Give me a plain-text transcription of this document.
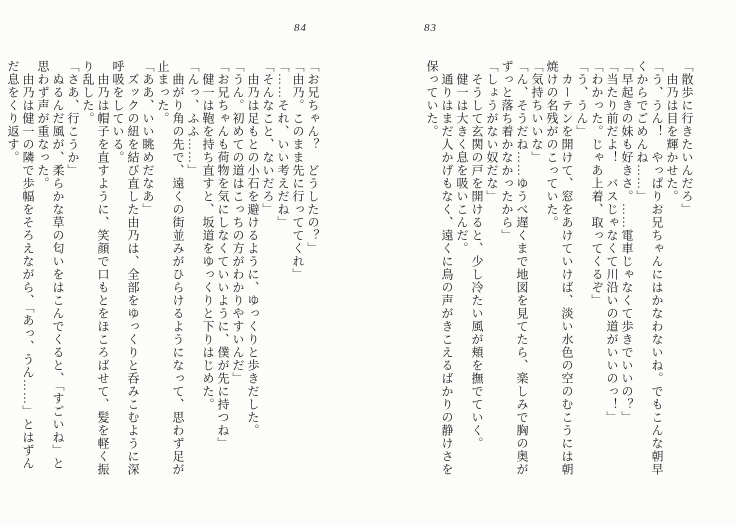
84	83

「お兄ちゃん？　どうしたの？」

「由乃。このまま先に行っててくれ」

「……それ、いい考えだね」

「そんなこと、ないだろ」

　由乃は足もとの小石を避けるように、ゆっくりと歩きだした。

「うん。初めての道はこっちの方がわかりやすいんだ」

「お兄ちゃんも荷物を気にしなくていいように、僕が先に持つね」

　健一は鞄を持ち直すと、坂道をゆっくりと下りはじめた。

「んっ、ふふ……」

　曲がり角の先で、遠くの街並みがひらけるようになって、思わず足が止まった。

「ああ、いい眺めだなあ」

　ズックの紐を結び直した由乃は、全部をゆっくりと呑みこむように深呼吸をしている。

　由乃は帽子を直すように、笑顔で口もとをほころばせて、髪を軽く振り乱した。

「さあ、行こうか」

　ぬるんだ風が、柔らかな草の匂いをはこんでくると、「すごいね」と思わず声が重なった。

　由乃は健一の隣で歩幅をそろえながら、「あっ、うん……」とはずんだ息をくり返す。	「散歩に行きたいんだろ」

　由乃は目を輝かせた。

「う、うん！　やっぱりお兄ちゃんにはかなわないね。でもこんな朝早くからでごめんね……」

「早起きの妹も好きさ。……電車じゃなくて歩きでいいの？」

「当たり前だよ！　バスじゃなくて川沿いの道がいいのっ！」

「わかった。じゃあ上着、取ってくるぞ」

「う、うん」

　カーテンを開けて、窓をあけていけば、淡い水色の空のむこうには朝焼けの名残がのこっていた。

「気持ちいいな」

「ん、そうだね……ゆうべ遅くまで地図を見てたら、楽しみで胸の奥がずっと落ち着かなかったから」

「しょうがない奴だな」

　そうして玄関の戸を開けると、少し冷たい風が頬を撫でていく。

　健一は大きく息を吸いこんだ。

　通りはまだ人かげもなく、遠くに鳥の声がきこえるばかりの静けさを保っていた。
